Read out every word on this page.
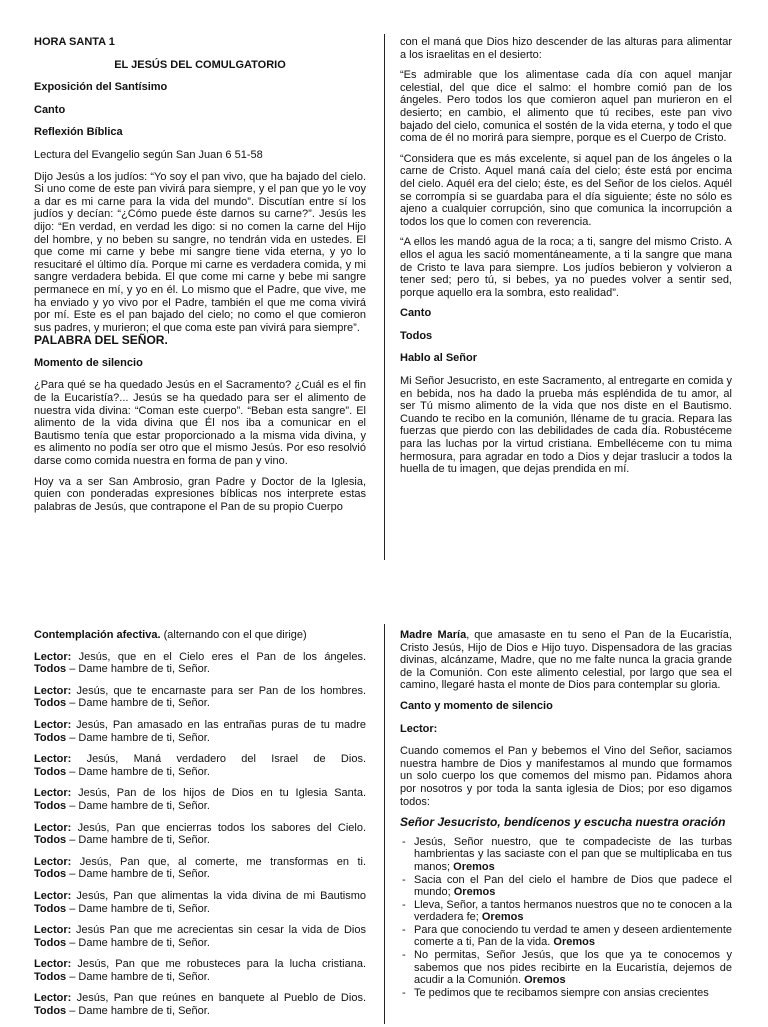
HORA SANTA 1

EL JESÚS DEL COMULGATORIO

Exposición del Santísimo

Canto

Reflexión Bíblica

Lectura del Evangelio según San Juan 6 51-58

Dijo Jesús a los judíos: “Yo soy el pan vivo, que ha bajado del cielo. Si uno come de este pan vivirá para siempre, y el pan que yo le voy a dar es mi carne para la vida del mundo”. Discutían entre sí los judíos y decían: “¿Cómo puede éste darnos su carne?”. Jesús les dijo: “En verdad, en verdad les digo: si no comen la carne del Hijo del hombre, y no beben su sangre, no tendrán vida en ustedes. El que come mi carne y bebe mi sangre tiene vida eterna, y yo lo resucitaré el último día. Porque mi carne es verdadera comida, y mi sangre verdadera bebida. El que come mi carne y bebe mi sangre permanece en mí, y yo en él. Lo mismo que el Padre, que vive, me ha enviado y yo vivo por el Padre, también el que me coma vivirá por mí. Este es el pan bajado del cielo; no como el que comieron sus padres, y murieron; el que coma este pan vivirá para siempre”.

PALABRA DEL SEÑOR.

Momento de silencio

¿Para qué se ha quedado Jesús en el Sacramento? ¿Cuál es el fin de la Eucaristía?... Jesús se ha quedado para ser el alimento de nuestra vida divina: “Coman este cuerpo”. “Beban esta sangre”. El alimento de la vida divina que Él nos iba a comunicar en el Bautismo tenía que estar proporcionado a la misma vida divina, y es alimento no podía ser otro que el mismo Jesús. Por eso resolvió darse como comida nuestra en forma de pan y vino.

Hoy va a ser San Ambrosio, gran Padre y Doctor de la Iglesia, quien con ponderadas expresiones bíblicas nos interprete estas palabras de Jesús, que contrapone el Pan de su propio Cuerpo

con el maná que Dios hizo descender de las alturas para alimentar a los israelitas en el desierto:

“Es admirable que los alimentase cada día con aquel manjar celestial, del que dice el salmo: el hombre comió pan de los ángeles. Pero todos los que comieron aquel pan murieron en el desierto; en cambio, el alimento que tú recibes, este pan vivo bajado del cielo, comunica el sostén de la vida eterna, y todo el que coma de él no morirá para siempre, porque es el Cuerpo de Cristo.

“Considera que es más excelente, si aquel pan de los ángeles o la carne de Cristo. Aquel maná caía del cielo; éste está por encima del cielo. Aquél era del cielo; éste, es del Señor de los cielos. Aquél se corrompía si se guardaba para el día siguiente; éste no sólo es ajeno a cualquier corrupción, sino que comunica la incorrupción a todos los que lo comen con reverencia.

“A ellos les mandó agua de la roca; a ti, sangre del mismo Cristo. A ellos el agua les sació momentáneamente, a ti la sangre que mana de Cristo te lava para siempre. Los judíos bebieron y volvieron a tener sed; pero tú, si bebes, ya no puedes volver a sentir sed, porque aquello era la sombra, esto realidad”.

Canto

Todos

Hablo al Señor

Mi Señor Jesucristo, en este Sacramento, al entregarte en comida y en bebida, nos ha dado la prueba más espléndida de tu amor, al ser Tú mismo alimento de la vida que nos diste en el Bautismo. Cuando te recibo en la comunión, lléname de tu gracia. Repara las fuerzas que pierdo con las debilidades de cada día. Robustéceme para las luchas por la virtud cristiana. Embelléceme con tu mima hermosura, para agradar en todo a Dios y dejar traslucir a todos la huella de tu imagen, que dejas prendida en mí.

Contemplación afectiva. (alternando con el que dirige)

Lector: Jesús, que en el Cielo eres el Pan de los ángeles.
Todos – Dame hambre de ti, Señor.

Lector: Jesús, que te encarnaste para ser Pan de los hombres.
Todos – Dame hambre de ti, Señor.

Lector: Jesús, Pan amasado en las entrañas puras de tu madre
Todos – Dame hambre de ti, Señor.

Lector: Jesús, Maná verdadero del Israel de Dios.
Todos – Dame hambre de ti, Señor.

Lector: Jesús, Pan de los hijos de Dios en tu Iglesia Santa.
Todos – Dame hambre de ti, Señor.

Lector: Jesús, Pan que encierras todos los sabores del Cielo.
Todos – Dame hambre de ti, Señor.

Lector: Jesús, Pan que, al comerte, me transformas en ti.
Todos – Dame hambre de ti, Señor.

Lector: Jesús, Pan que alimentas la vida divina de mi Bautismo
Todos – Dame hambre de ti, Señor.

Lector: Jesús Pan que me acrecientas sin cesar la vida de Dios
Todos – Dame hambre de ti, Señor.

Lector: Jesús, Pan que me robusteces para la lucha cristiana.
Todos – Dame hambre de ti, Señor.

Lector: Jesús, Pan que reúnes en banquete al Pueblo de Dios.
Todos – Dame hambre de ti, Señor.

Madre María, que amasaste en tu seno el Pan de la Eucaristía, Cristo Jesús, Hijo de Dios e Hijo tuyo. Dispensadora de las gracias divinas, alcánzame, Madre, que no me falte nunca la gracia grande de la Comunión. Con este alimento celestial, por largo que sea el camino, llegaré hasta el monte de Dios para contemplar su gloria.

Canto y momento de silencio

Lector:

Cuando comemos el Pan y bebemos el Vino del Señor, saciamos nuestra hambre de Dios y manifestamos al mundo que formamos un solo cuerpo los que comemos del mismo pan. Pidamos ahora por nosotros y por toda la santa iglesia de Dios; por eso digamos todos:

Señor Jesucristo, bendícenos y escucha nuestra oración

- Jesús, Señor nuestro, que te compadeciste de las turbas hambrientas y las saciaste con el pan que se multiplicaba en tus manos; Oremos
- Sacia con el Pan del cielo el hambre de Dios que padece el mundo; Oremos
- Lleva, Señor, a tantos hermanos nuestros que no te conocen a la verdadera fe; Oremos
- Para que conociendo tu verdad te amen y deseen ardientemente comerte a ti, Pan de la vida. Oremos
- No permitas, Señor Jesús, que los que ya te conocemos y sabemos que nos pides recibirte en la Eucaristía, dejemos de acudir a la Comunión. Oremos
- Te pedimos que te recibamos siempre con ansias crecientes
